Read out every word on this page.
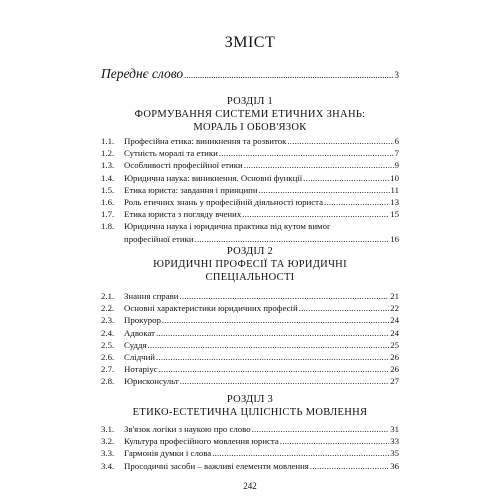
ЗМІСТ
Переднє слово .....	3
РОЗДІЛ 1
ФОРМУВАННЯ СИСТЕМИ ЕТИЧНИХ ЗНАНЬ:
МОРАЛЬ І ОБОВ'ЯЗОК
1.1.	Професійна етика: виникнення та розвиток .....	6
1.2.	Сутність моралі та етики .....	7
1.3.	Особливості професійної етики .....	9
1.4.	Юридична наука: виникнення. Основні функції .....	10
1.5.	Етика юриста: завдання і принципи .....	11
1.6.	Роль етичних знань у професійній діяльності юриста .....	13
1.7.	Етика юриста з погляду вчених .....	15
1.8.	Юридична наука і юридична практика під кутом вимог
професійної етики .....	16
РОЗДІЛ 2
ЮРИДИЧНІ ПРОФЕСІЇ ТА ЮРИДИЧНІ
СПЕЦІАЛЬНОСТІ
2.1.	Знання справи .....	21
2.2.	Основні характеристики юридичних професій .....	22
2.3.	Прокурор .....	24
2.4.	Адвокат .....	24
2.5.	Суддя .....	25
2.6.	Слідчий .....	26
2.7.	Нотаріус .....	26
2.8.	Юрисконсульт .....	27
РОЗДІЛ 3
ЕТИКО-ЕСТЕТИЧНА ЦІЛІСНІСТЬ МОВЛЕННЯ
3.1.	Зв'язок логіки з наукою про слово .....	31
3.2.	Культура професійного мовлення юриста .....	33
3.3.	Гармонія думки і слова .....	35
3.4.	Просодичні засоби – важливі елементи мовлення .....	36
242
